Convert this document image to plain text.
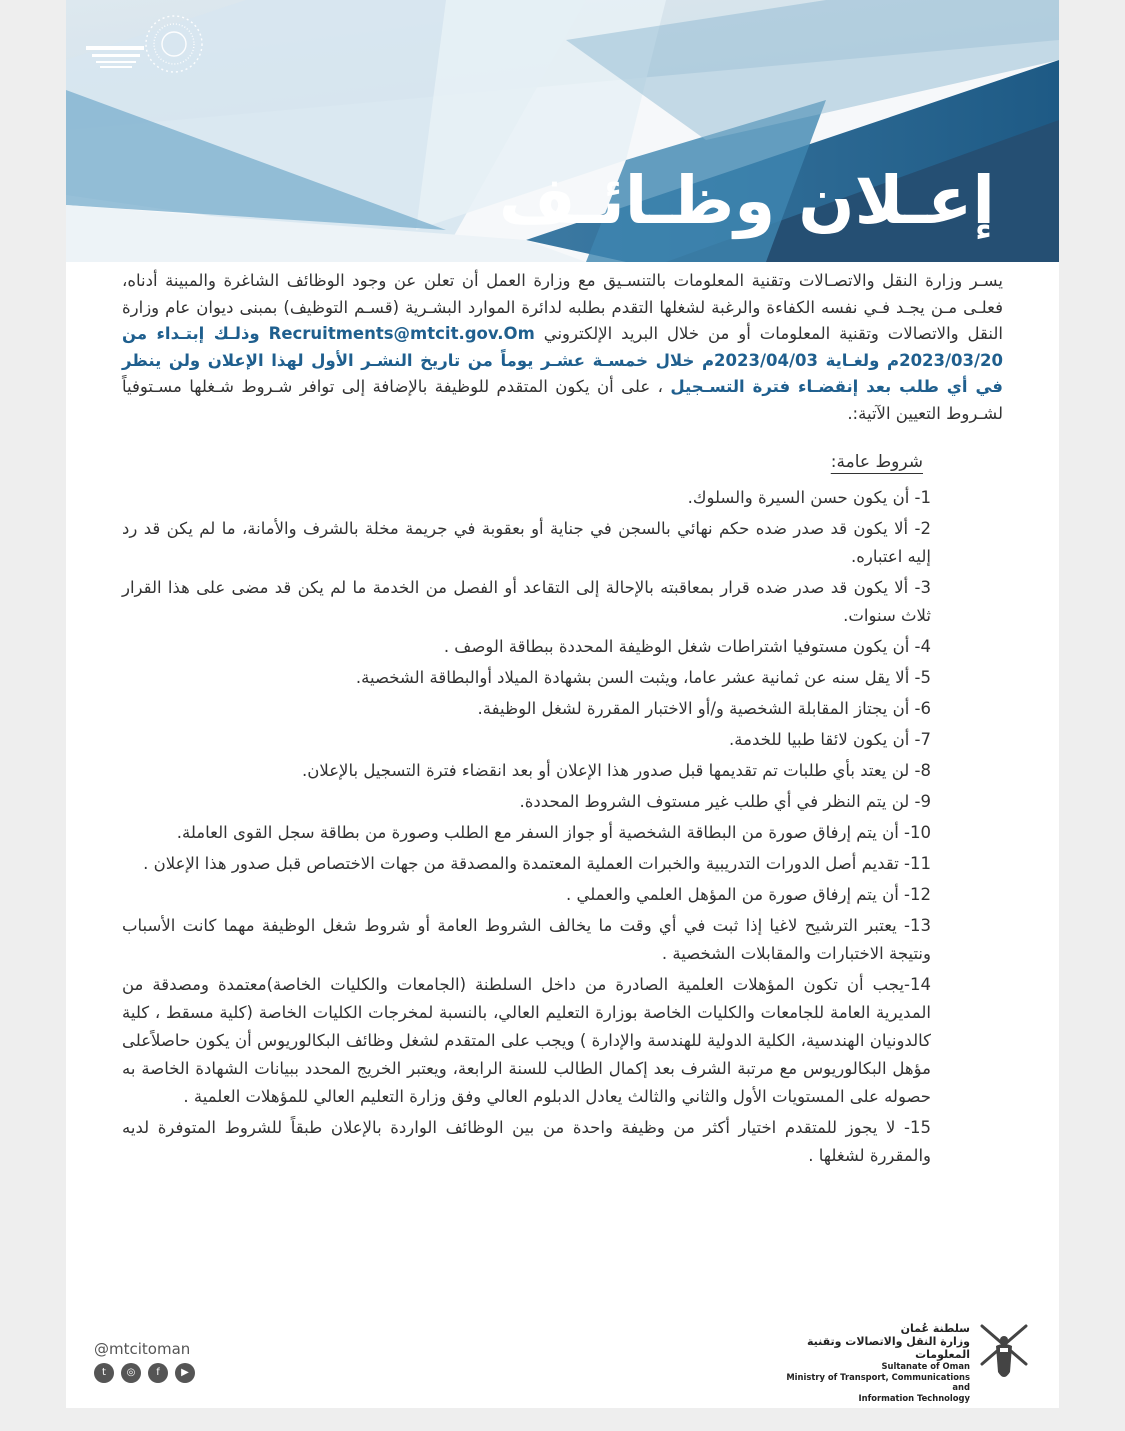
إعـلان وظـائـف

يسـر وزارة النقل والاتصـالات وتقنية المعلومات بالتنسـيق مع وزارة العمل أن تعلن عن وجود الوظائف الشاغرة والمبينة أدناه، فعلـى مـن يجـد فـي نفسه الكفاءة والرغبة لشغلها التقدم بطلبه لدائرة الموارد البشـرية (قسـم التوظيف) بمبنى ديوان عام وزارة النقل والاتصالات وتقنية المعلومات أو من خلال البريد الإلكتروني Recruitments@mtcit.gov.Om وذلـك إبتـداء من 2023/03/20م ولغـاية 2023/04/03م خلال خمسـة عشـر يوماً من تاريخ النشـر الأول لهذا الإعلان ولن ينظر في أي طلب بعد إنقضـاء فترة التسـجيل ، على أن يكون المتقدم للوظيفة بالإضافة إلى توافر شـروط شـغلها مسـتوفياً لشـروط التعيين الآتية:.

شروط عامة:
1- أن يكون حسن السيرة والسلوك.
2- ألا يكون قد صدر ضده حكم نهائي بالسجن في جناية أو بعقوبة في جريمة مخلة بالشرف والأمانة، ما لم يكن قد رد إليه اعتباره.
3- ألا يكون قد صدر ضده قرار بمعاقبته بالإحالة إلى التقاعد أو الفصل من الخدمة ما لم يكن قد مضى على هذا القرار ثلاث سنوات.
4- أن يكون مستوفيا اشتراطات شغل الوظيفة المحددة ببطاقة الوصف .
5- ألا يقل سنه عن ثمانية عشر عاما، ويثبت السن بشهادة الميلاد أوالبطاقة الشخصية.
6- أن يجتاز المقابلة الشخصية و/أو الاختبار المقررة لشغل الوظيفة.
7- أن يكون لائقا طبيا للخدمة.
8- لن يعتد بأي طلبات تم تقديمها قبل صدور هذا الإعلان أو بعد انقضاء فترة التسجيل بالإعلان.
9- لن يتم النظر في أي طلب غير مستوف الشروط المحددة.
10- أن يتم إرفاق صورة من البطاقة الشخصية أو جواز السفر مع الطلب وصورة من بطاقة سجل القوى العاملة.
11- تقديم أصل الدورات التدريبية والخبرات العملية المعتمدة والمصدقة من جهات الاختصاص قبل صدور هذا الإعلان .
12- أن يتم إرفاق صورة من المؤهل العلمي والعملي .
13- يعتبر الترشيح لاغيا إذا ثبت في أي وقت ما يخالف الشروط العامة أو شروط شغل الوظيفة مهما كانت الأسباب ونتيجة الاختبارات والمقابلات الشخصية .
14-يجب أن تكون المؤهلات العلمية الصادرة من داخل السلطنة (الجامعات والكليات الخاصة)معتمدة ومصدقة من المديرية العامة للجامعات والكليات الخاصة بوزارة التعليم العالي، بالنسبة لمخرجات الكليات الخاصة (كلية مسقط ، كلية كالدونيان الهندسية، الكلية الدولية للهندسة والإدارة ) ويجب على المتقدم لشغل وظائف البكالوريوس أن يكون حاصلاًعلى مؤهل البكالوريوس مع مرتبة الشرف بعد إكمال الطالب للسنة الرابعة، ويعتبر الخريج المحدد ببيانات الشهادة الخاصة به حصوله على المستويات الأول والثاني والثالث يعادل الدبلوم العالي وفق وزارة التعليم العالي للمؤهلات العلمية .
15- لا يجوز للمتقدم اختيار أكثر من وظيفة واحدة من بين الوظائف الواردة بالإعلان طبقاً للشروط المتوفرة لديه والمقررة لشغلها .
@mtcitoman
t	◎	f	▶
سلطنة عُمان
وزارة النقل والاتصالات وتقنية المعلومات
Sultanate of Oman
Ministry of Transport, Communications and
Information Technology
